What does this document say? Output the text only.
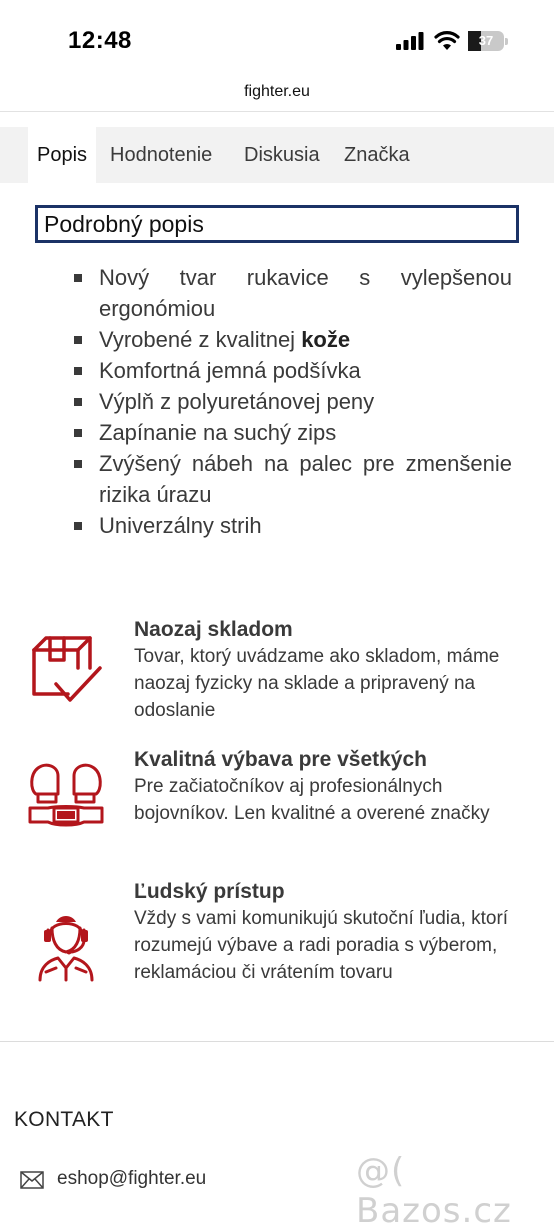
12:48	37
fighter.eu
Popis	Hodnotenie	Diskusia	Značka
Podrobný popis
Nový tvar rukavice s vylepšenou ergonómiou
Vyrobené z kvalitnej kože
Komfortná jemná podšívka
Výplň z polyuretánovej peny
Zapínanie na suchý zips
Zvýšený nábeh na palec pre zmenšenie rizika úrazu
Univerzálny strih
Naozaj skladom
Tovar, ktorý uvádzame ako skladom, máme naozaj fyzicky na sklade a pripravený na odoslanie
Kvalitná výbava pre všetkých
Pre začiatočníkov aj profesionálnych bojovníkov. Len kvalitné a overené značky
Ľudský prístup
Vždy s vami komunikujú skutoční ľudia, ktorí rozumejú výbave a radi poradia s výberom, reklamáciou či vrátením tovaru
KONTAKT
eshop@fighter.eu	@( Bazos.cz
